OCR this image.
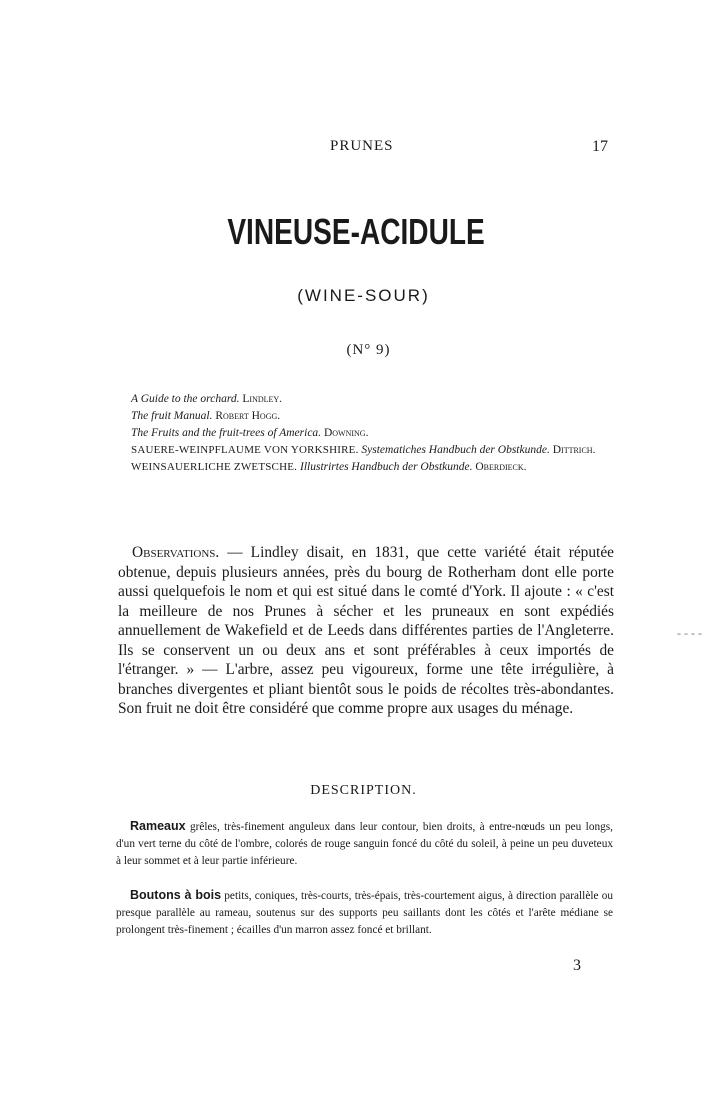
PRUNES	17
VINEUSE-ACIDULE
(WINE-SOUR)
(N° 9)
A Guide to the orchard. Lindley.
The fruit Manual. Robert Hogg.
The Fruits and the fruit-trees of America. Downing.
SAUERE-WEINPFLAUME VON YORKSHIRE. Systematiches Handbuch der Obstkunde. Dittrich.
WEINSAUERLICHE ZWETSCHE. Illustrirtes Handbuch der Obstkunde. Oberdieck.

Observations. — Lindley disait, en 1831, que cette variété était réputée obtenue, depuis plusieurs années, près du bourg de Rotherham dont elle porte aussi quelquefois le nom et qui est situé dans le comté d'York. Il ajoute : « c'est la meilleure de nos Prunes à sécher et les pruneaux en sont expédiés annuellement de Wakefield et de Leeds dans différentes parties de l'Angleterre. Ils se conservent un ou deux ans et sont préférables à ceux importés de l'étranger. » — L'arbre, assez peu vigoureux, forme une tête irrégulière, à branches divergentes et pliant bientôt sous le poids de récoltes très-abondantes. Son fruit ne doit être considéré que comme propre aux usages du ménage.

- - - -
DESCRIPTION.

Rameaux grêles, très-finement anguleux dans leur contour, bien droits, à entre-nœuds un peu longs, d'un vert terne du côté de l'ombre, colorés de rouge sanguin foncé du côté du soleil, à peine un peu duveteux à leur sommet et à leur partie inférieure.

Boutons à bois petits, coniques, très-courts, très-épais, très-courtement aigus, à direction parallèle ou presque parallèle au rameau, soutenus sur des supports peu saillants dont les côtés et l'arête médiane se prolongent très-finement ; écailles d'un marron assez foncé et brillant.

3
